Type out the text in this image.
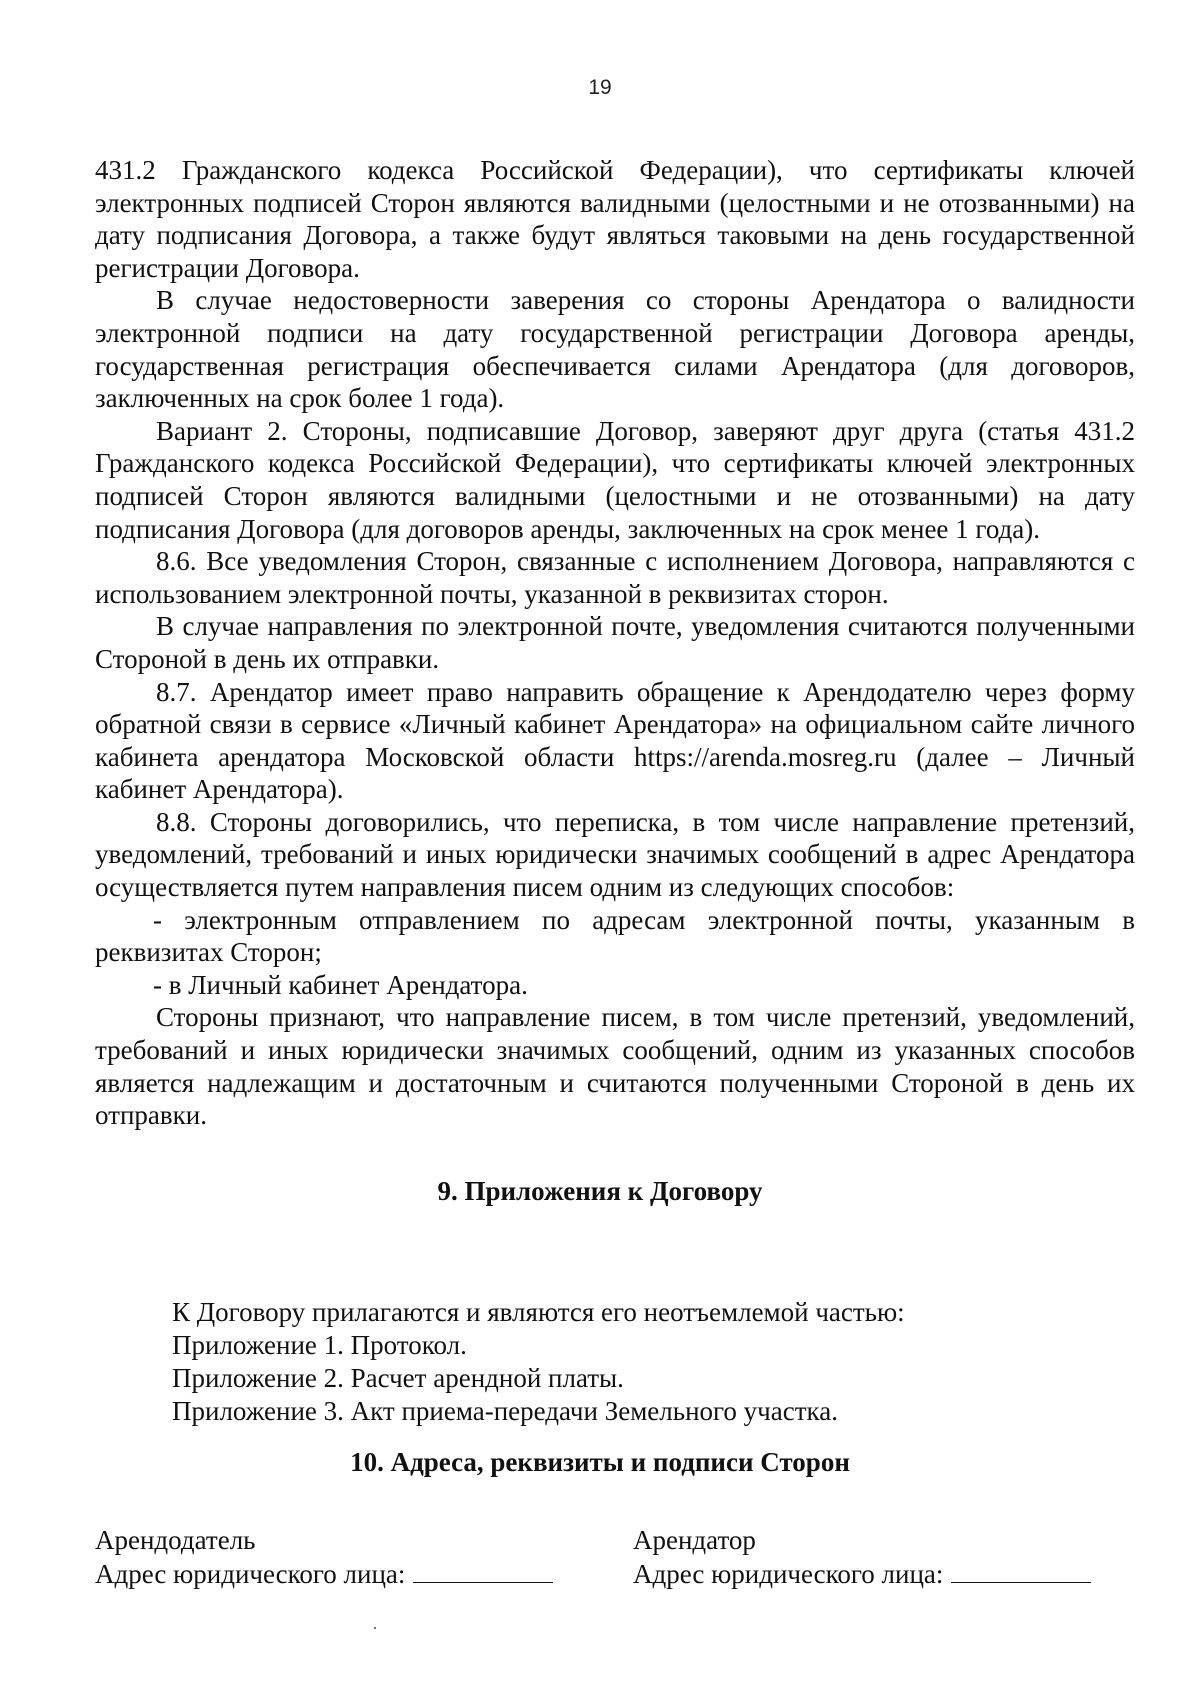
19

431.2 Гражданского кодекса Российской Федерации), что сертификаты ключей электронных подписей Сторон являются валидными (целостными и не отозванными) на дату подписания Договора, а также будут являться таковыми на день государственной регистрации Договора.

В случае недостоверности заверения со стороны Арендатора о валидности электронной подписи на дату государственной регистрации Договора аренды, государственная регистрация обеспечивается силами Арендатора (для договоров, заключенных на срок более 1 года).

Вариант 2. Стороны, подписавшие Договор, заверяют друг друга (статья 431.2 Гражданского кодекса Российской Федерации), что сертификаты ключей электронных подписей Сторон являются валидными (целостными и не отозванными) на дату подписания Договора (для договоров аренды, заключенных на срок менее 1 года).

8.6. Все уведомления Сторон, связанные с исполнением Договора, направляются с использованием электронной почты, указанной в реквизитах сторон.

В случае направления по электронной почте, уведомления считаются полученными Стороной в день их отправки.

8.7. Арендатор имеет право направить обращение к Арендодателю через форму обратной связи в сервисе «Личный кабинет Арендатора» на официальном сайте личного кабинета арендатора Московской области https://arenda.mosreg.ru (далее – Личный кабинет Арендатора).

8.8. Стороны договорились, что переписка, в том числе направление претензий, уведомлений, требований и иных юридически значимых сообщений в адрес Арендатора осуществляется путем направления писем одним из следующих способов:

- электронным отправлением по адресам электронной почты, указанным в реквизитах Сторон;

- в Личный кабинет Арендатора.

Стороны признают, что направление писем, в том числе претензий, уведомлений, требований и иных юридически значимых сообщений, одним из указанных способов является надлежащим и достаточным и считаются полученными Стороной в день их отправки.

9. Приложения к Договору
К Договору прилагаются и являются его неотъемлемой частью:
Приложение 1. Протокол.
Приложение 2. Расчет арендной платы.
Приложение 3. Акт приема-передачи Земельного участка.
10. Адреса, реквизиты и подписи Сторон
Арендодатель
Адрес юридического лица:
Арендатор
Адрес юридического лица:
